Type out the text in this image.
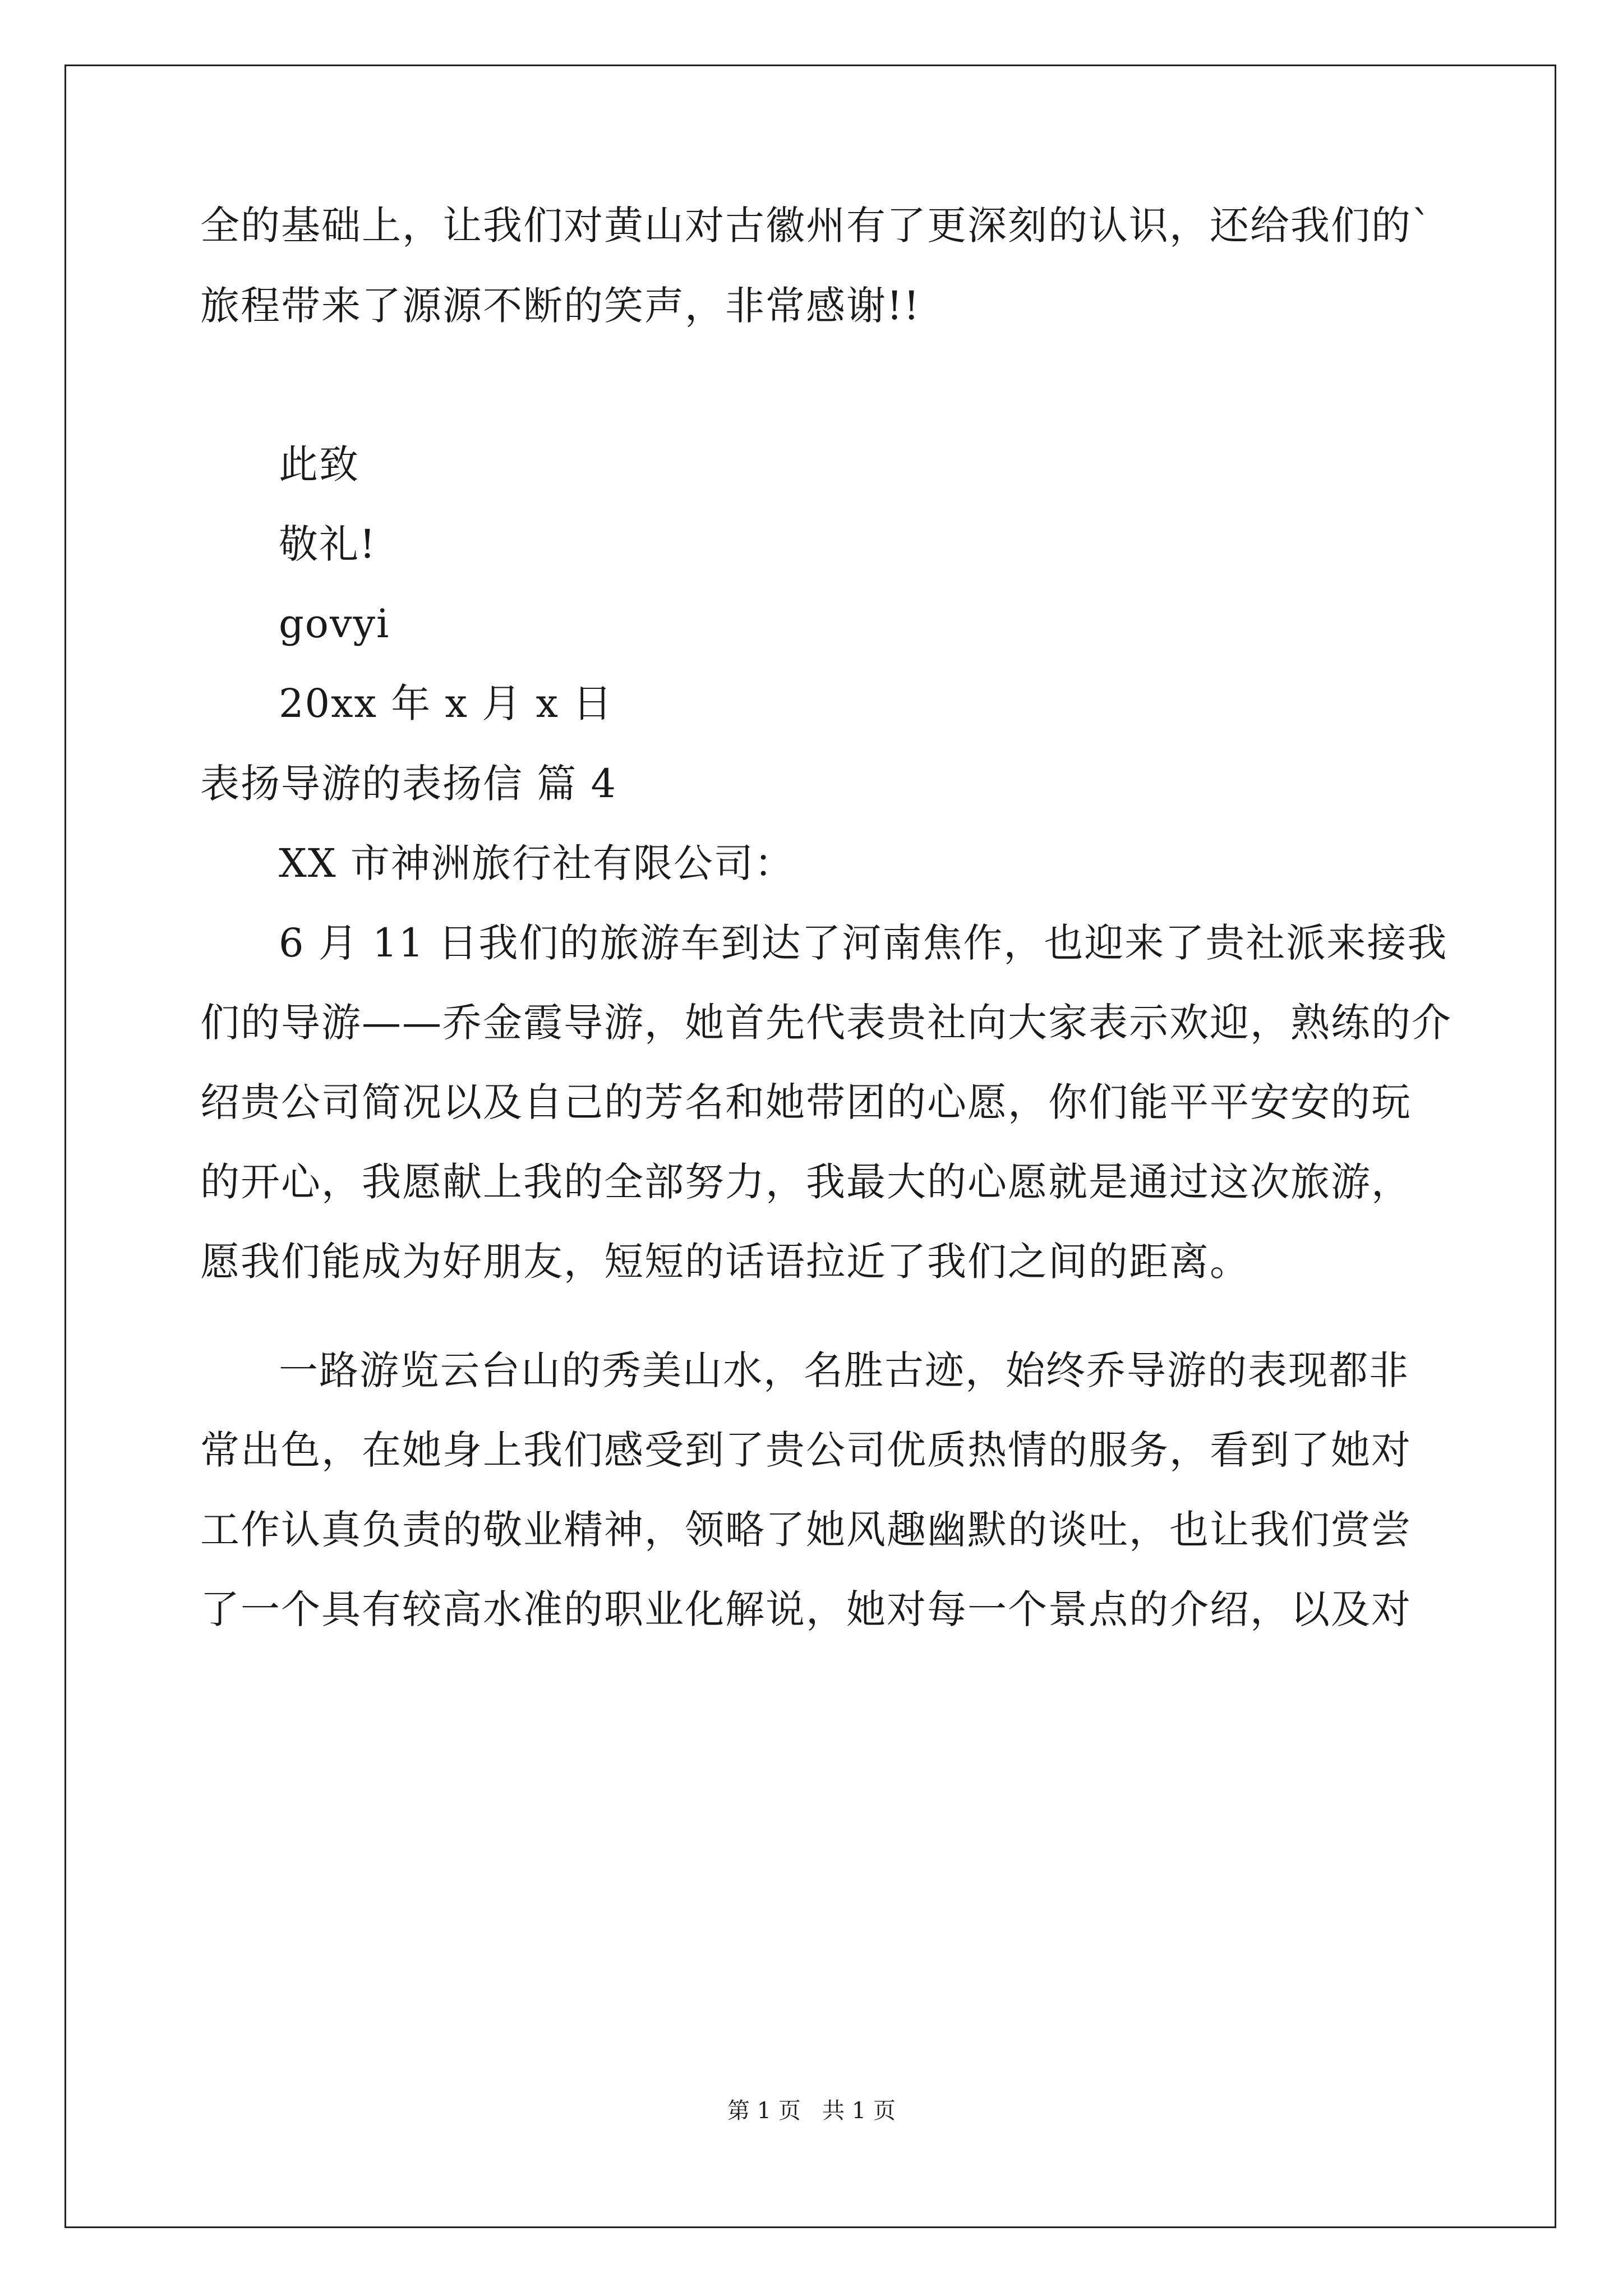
全的基础上，让我们对黄山对古徽州有了更深刻的认识，还给我们的`
旅程带来了源源不断的笑声，非常感谢!!
此致
敬礼!
govyi
20xx 年 x 月 x 日
表扬导游的表扬信 篇 4
XX 市神洲旅行社有限公司：
6 月 11 日我们的旅游车到达了河南焦作，也迎来了贵社派来接我
们的导游——乔金霞导游，她首先代表贵社向大家表示欢迎，熟练的介
绍贵公司简况以及自己的芳名和她带团的心愿，你们能平平安安的玩
的开心，我愿献上我的全部努力，我最大的心愿就是通过这次旅游，
愿我们能成为好朋友，短短的话语拉近了我们之间的距离。
一路游览云台山的秀美山水，名胜古迹，始终乔导游的表现都非
常出色，在她身上我们感受到了贵公司优质热情的服务，看到了她对
工作认真负责的敬业精神，领略了她风趣幽默的谈吐，也让我们赏尝
了一个具有较高水准的职业化解说，她对每一个景点的介绍，以及对
第 1 页   共 1 页
